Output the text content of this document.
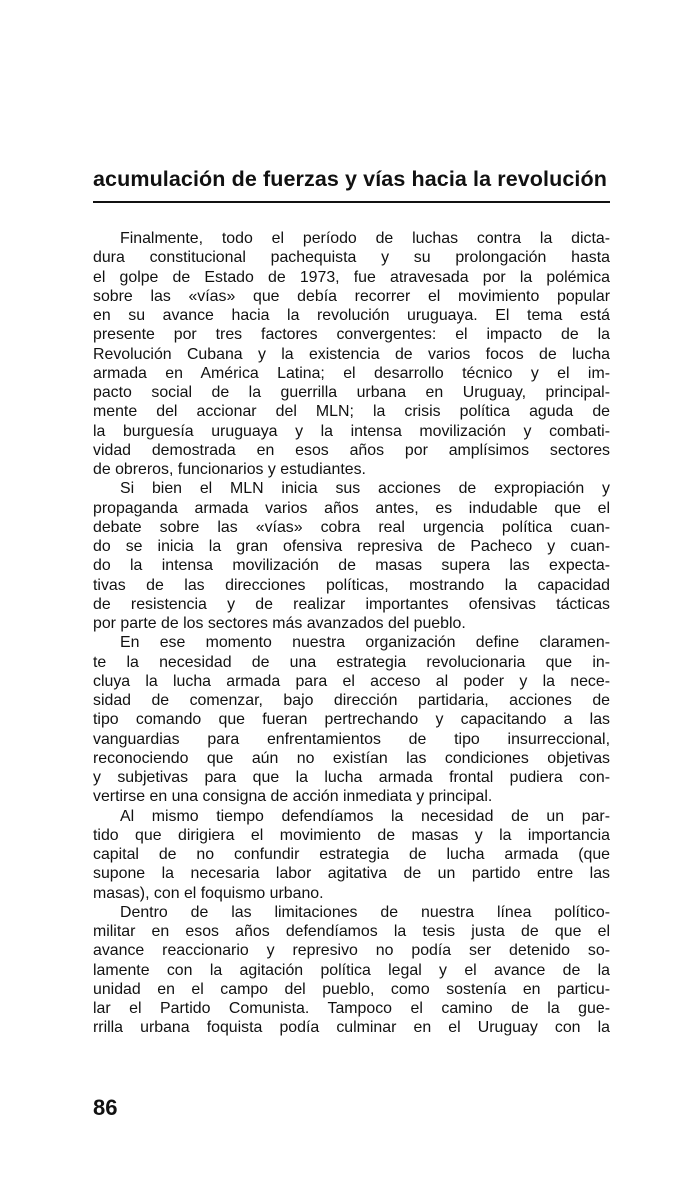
acumulación de fuerzas y vías hacia la revolución
Finalmente, todo el período de luchas contra la dicta-
dura constitucional pachequista y su prolongación hasta
el golpe de Estado de 1973, fue atravesada por la polémica
sobre las «vías» que debía recorrer el movimiento popular
en su avance hacia la revolución uruguaya. El tema está
presente por tres factores convergentes: el impacto de la
Revolución Cubana y la existencia de varios focos de lucha
armada en América Latina; el desarrollo técnico y el im-
pacto social de la guerrilla urbana en Uruguay, principal-
mente del accionar del MLN; la crisis política aguda de
la burguesía uruguaya y la intensa movilización y combati-
vidad demostrada en esos años por amplísimos sectores
de obreros, funcionarios y estudiantes.
Si bien el MLN inicia sus acciones de expropiación y
propaganda armada varios años antes, es indudable que el
debate sobre las «vías» cobra real urgencia política cuan-
do se inicia la gran ofensiva represiva de Pacheco y cuan-
do la intensa movilización de masas supera las expecta-
tivas de las direcciones políticas, mostrando la capacidad
de resistencia y de realizar importantes ofensivas tácticas
por parte de los sectores más avanzados del pueblo.
En ese momento nuestra organización define claramen-
te la necesidad de una estrategia revolucionaria que in-
cluya la lucha armada para el acceso al poder y la nece-
sidad de comenzar, bajo dirección partidaria, acciones de
tipo comando que fueran pertrechando y capacitando a las
vanguardias para enfrentamientos de tipo insurreccional,
reconociendo que aún no existían las condiciones objetivas
y subjetivas para que la lucha armada frontal pudiera con-
vertirse en una consigna de acción inmediata y principal.
Al mismo tiempo defendíamos la necesidad de un par-
tido que dirigiera el movimiento de masas y la importancia
capital de no confundir estrategia de lucha armada (que
supone la necesaria labor agitativa de un partido entre las
masas), con el foquismo urbano.
Dentro de las limitaciones de nuestra línea político-
militar en esos años defendíamos la tesis justa de que el
avance reaccionario y represivo no podía ser detenido so-
lamente con la agitación política legal y el avance de la
unidad en el campo del pueblo, como sostenía en particu-
lar el Partido Comunista. Tampoco el camino de la gue-
rrilla urbana foquista podía culminar en el Uruguay con la
86
